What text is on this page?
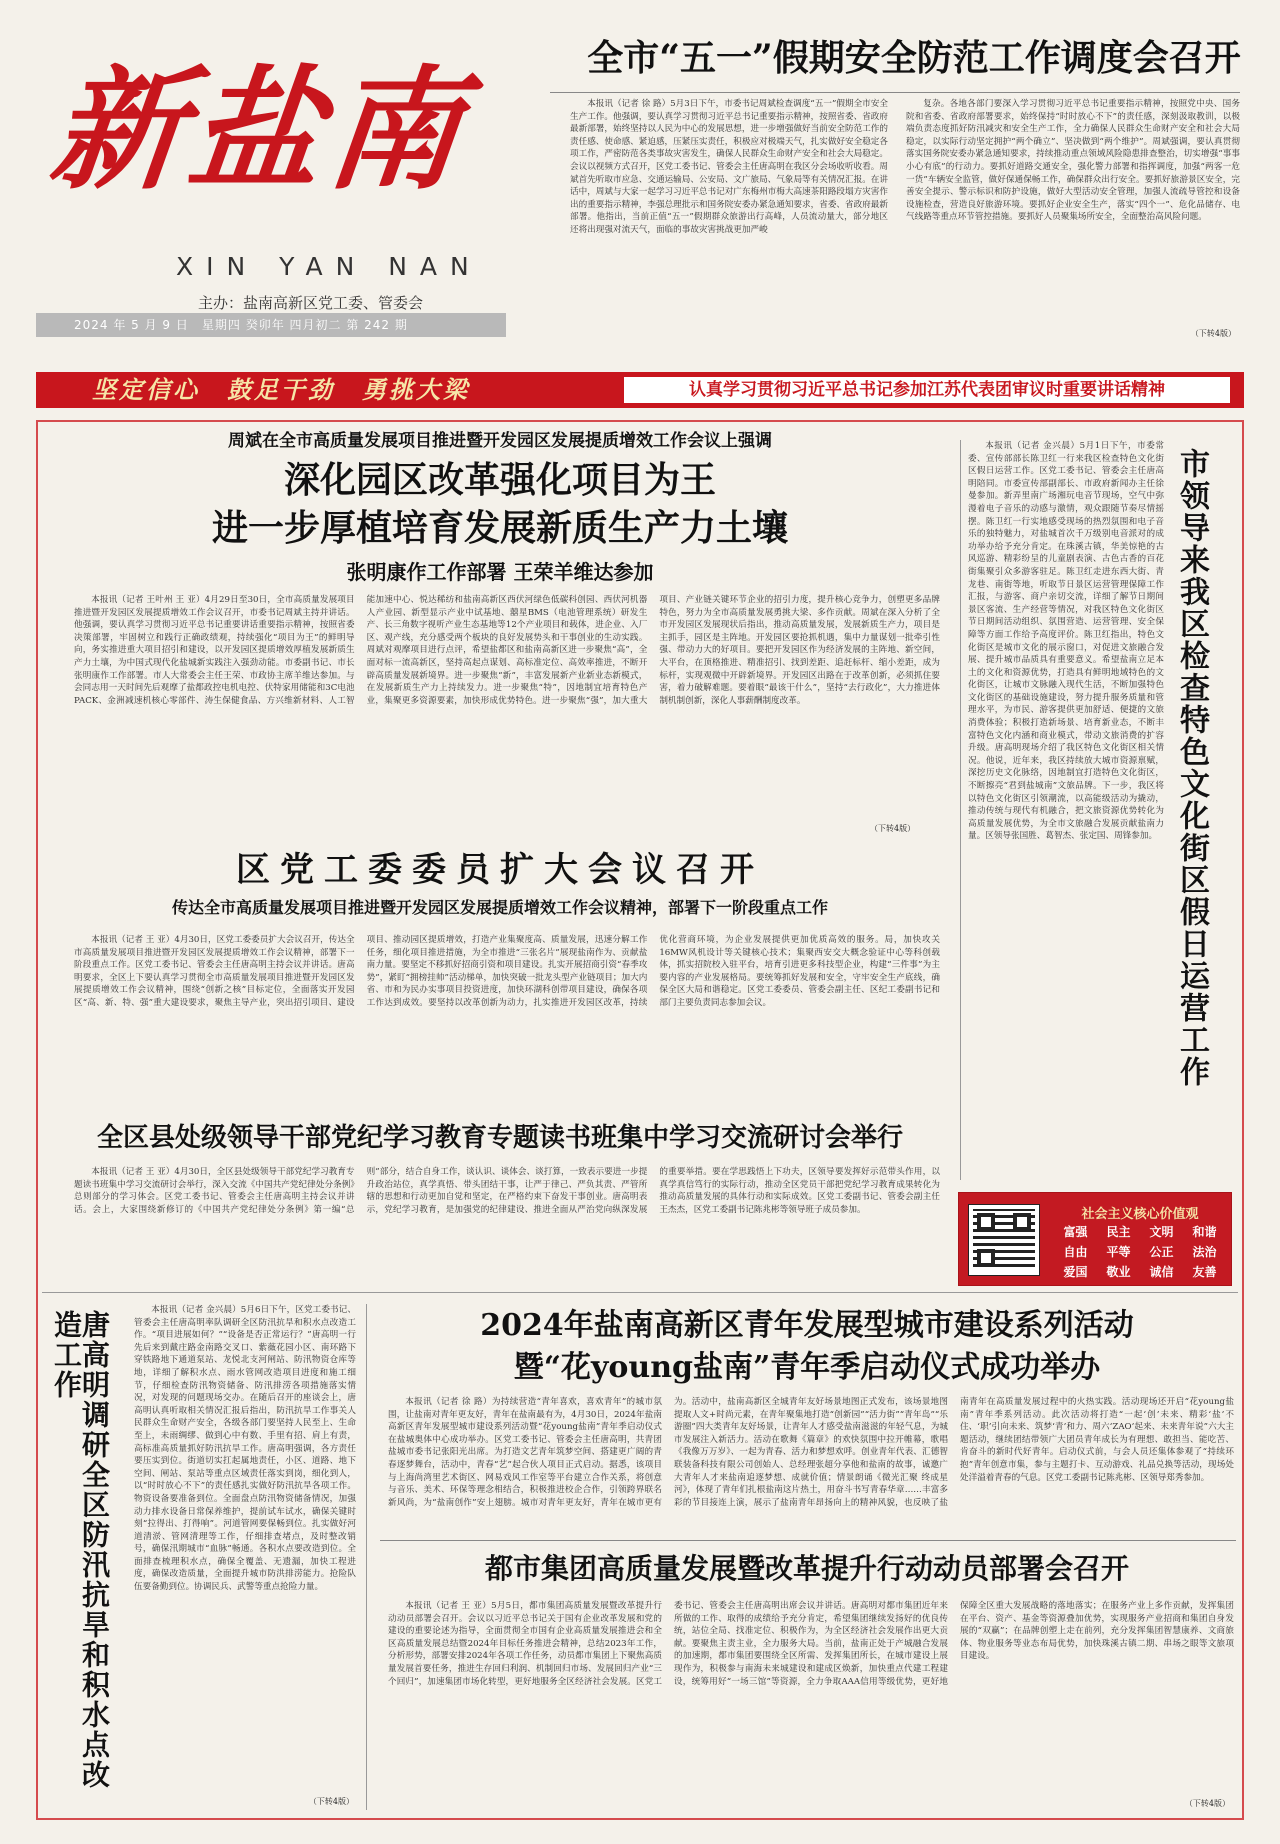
新盐南
XIN YAN NAN
主办：盐南高新区党工委、管委会
2024 年 5 月 9 日　星期四 癸卯年 四月初二 第 242 期
全市“五一”假期安全防范工作调度会召开

本报讯（记者 徐 路）5月3日下午，市委书记周斌检查调度“五一”假期全市安全生产工作。他强调，要认真学习贯彻习近平总书记重要指示精神，按照省委、省政府最新部署，始终坚持以人民为中心的发展思想，进一步增强做好当前安全防范工作的责任感、使命感、紧迫感，压紧压实责任，积极应对极端天气，扎实做好安全稳定各项工作，严密防范各类事故灾害发生，确保人民群众生命财产安全和社会大局稳定。会议以视频方式召开，区党工委书记、管委会主任唐高明在我区分会场收听收看。周斌首先听取市应急、交通运输局、公安局、文广旅局、气象局等有关情况汇报。在讲话中，周斌与大家一起学习习近平总书记对广东梅州市梅大高速茶阳路段塌方灾害作出的重要指示精神，李强总理批示和国务院安委办紧急通知要求，省委、省政府最新部署。他指出，当前正值“五一”假期群众旅游出行高峰，人员流动量大，部分地区还将出现强对流天气，面临的事故灾害挑战更加严峻

复杂。各地各部门要深入学习贯彻习近平总书记重要指示精神，按照党中央、国务院和省委、省政府部署要求，始终保持“时时放心不下”的责任感，深刻汲取教训，以极端负责态度抓好防汛减灾和安全生产工作，全力确保人民群众生命财产安全和社会大局稳定，以实际行动坚定拥护“两个确立”、坚决做到“两个维护”。周斌强调，要认真贯彻落实国务院安委办紧急通知要求，持续推动重点领域风险隐患排查整治，切实增强“事事小心有底”的行动力。要抓好道路交通安全，强化警力部署和指挥调度，加强“两客一危一货”车辆安全监管，做好保通保畅工作，确保群众出行安全。要抓好旅游景区安全，完善安全提示、警示标识和防护设施，做好大型活动安全管理，加强人流疏导管控和设备设施检查，营造良好旅游环境。要抓好企业安全生产，落实“四个一”、危化品储存、电气线路等重点环节管控措施。要抓好人员聚集场所安全，全面整治高风险问题。

（下转4版）
坚定信心　鼓足干劲　勇挑大梁	认真学习贯彻习近平总书记参加江苏代表团审议时重要讲话精神
周斌在全市高质量发展项目推进暨开发园区发展提质增效工作会议上强调
深化园区改革强化项目为王
进一步厚植培育发展新质生产力土壤
张明康作工作部署 王荣羊维达参加

本报讯（记者 王叶州 王 亚）4月29日至30日，全市高质量发展项目推进暨开发园区发展提质增效工作会议召开，市委书记周斌主持并讲话。他强调，要认真学习贯彻习近平总书记重要讲话重要指示精神，按照省委决策部署，牢固树立和践行正确政绩观，持续强化“项目为王”的鲜明导向，务实推进重大项目招引和建设，以开发园区提质增效厚植发展新质生产力土壤，为中国式现代化盐城新实践注入强劲动能。市委副书记、市长张明康作工作部署。市人大常委会主任王荣、市政协主席羊维达参加。与会同志用一天时间先后观摩了盐都政控电机电控、伏特家用储能和3C电池PACK、金洲减速机核心零部件、涛生保健食品、方兴维新材料、人工智能加速中心、悦达稀纺和盐南高新区西伏河绿色低碳科创园、西伏河机器人产业园、新型显示产业中试基地、囍星BMS（电池管理系统）研发生产、长三角数字视听产业生态基地等12个产业项目和载体，进企业、入厂区、观产线，充分感受两个板块的良好发展势头和干事创业的生动实践。周斌对观摩项目进行点评，希望盐都区和盐南高新区进一步聚焦“高”，全面对标一流高新区，坚持高起点谋划、高标准定位、高效率推进，不断开辟高质量发展新境界。进一步聚焦“新”，丰富发展新产业新业态新模式，在发展新质生产力上持续发力。进一步聚焦“特”，因地制宜培育特色产业，集聚更多资源要素，加快形成优势特色。进一步聚焦“强”，加大重大项目、产业链关键环节企业的招引力度，提升核心竞争力，创塑更多品牌特色，努力为全市高质量发展勇挑大梁、多作贡献。周斌在深入分析了全市开发园区发展现状后指出，推动高质量发展，发展新质生产力，项目是主抓手，园区是主阵地。开发园区要抢抓机遇，集中力量谋划一批牵引性强、带动力大的好项目。要把开发园区作为经济发展的主阵地、新空间，大平台，在顶格推进、精准招引、找到差距、追赶标杆、缩小差距，成为标杆，实现观微中开辟新境界。开发园区出路在于改革创新，必须抓住要害，着力破解难题。要着眼“最该干什么”，坚持“去行政化”，大力推进体制机制创新，深化人事薪酬制度改革。

（下转4版）
区党工委委员扩大会议召开
传达全市高质量发展项目推进暨开发园区发展提质增效工作会议精神，部署下一阶段重点工作

本报讯（记者 王 亚）4月30日，区党工委委员扩大会议召开，传达全市高质量发展项目推进暨开发园区发展提质增效工作会议精神，部署下一阶段重点工作。区党工委书记、管委会主任唐高明主持会议并讲话。唐高明要求，全区上下要认真学习贯彻全市高质量发展项目推进暨开发园区发展提质增效工作会议精神，围绕“创新之核”目标定位，全面落实开发园区“高、新、特、强”重大建设要求，聚焦主导产业，突出招引项目、建设项目、推动园区提质增效，打造产业集聚度高、质量发展，迅速分解工作任务，细化项目推进措施，为全市推进“三张名片”展现盐南作为、贡献盐南力量。要坚定不移抓好招商引资和项目建设。扎实开展招商引资“春季攻势”，紧盯“拥榜挂帅”活动梯单，加快突破一批龙头型产业链项目；加大内省、市和为民办实事项目投资进度，加快环湖科创带项目建设，确保各项工作达到成效。要坚持以改革创新为动力，扎实推进开发园区改革，持续优化营商环境，为企业发展提供更加优质高效的服务。局，加快攻关16MW风机设计等关键核心技术；集聚西安交大概念验证中心等科创载体，抓实招院校入驻平台，培育引进更多科技型企业，构建“三件事”为主要内容的产业发展格局。要统筹抓好发展和安全，守牢安全生产底线，确保全区大局和谐稳定。区党工委委员、管委会副主任、区纪工委副书记和部门主要负责同志参加会议。

全区县处级领导干部党纪学习教育专题读书班集中学习交流研讨会举行

本报讯（记者 王 亚）4月30日，全区县处级领导干部党纪学习教育专题读书班集中学习交流研讨会举行，深入交流《中国共产党纪律处分条例》总则部分的学习体会。区党工委书记、管委会主任唐高明主持会议并讲话。会上，大家围绕新修订的《中国共产党纪律处分条例》第一编“总则”部分，结合自身工作，谈认识、谈体会、谈打算，一致表示要进一步提升政治站位，真学真悟、带头团结干事，让严于律己、严负其责、严管所辖的思想和行动更加自觉和坚定，在严格约束下奋发干事创业。唐高明表示，党纪学习教育，是加强党的纪律建设、推进全面从严治党向纵深发展的重要举措。要在学思践悟上下功夫，区领导要发挥好示范带头作用，以真学真信笃行的实际行动，推动全区党员干部把党纪学习教育成果转化为推动高质量发展的具体行动和实际成效。区党工委副书记、管委会副主任王杰杰，区党工委副书记陈兆彬等领导班子成员参加。

本报讯（记者 金兴晨）5月1日下午，市委常委、宣传部部长陈卫红一行来我区检查特色文化街区假日运营工作。区党工委书记、管委会主任唐高明陪同。市委宣传部副部长、市政府新闻办主任徐曼参加。新弄里南广场湘玩电音节现场，空气中弥漫着电子音乐的动感与激情，观众跟随节奏尽情摇摆。陈卫红一行实地感受现场的热烈氛围和电子音乐的独特魅力，对盐城首次千万级别电音派对的成功举办给予充分肯定。在珠溪古镇，华美惊艳的古风巡游、精彩纷呈的儿童剧表演、古色古香的百花街集聚引众多游客驻足。陈卫红走进东西大街、青龙巷、南街等地，听取节日景区运营管理保障工作汇报，与游客、商户亲切交流，详细了解节日期间景区客流、生产经营等情况，对我区特色文化街区节日期间活动组织、氛围营造、运营管理、安全保障等方面工作给予高度评价。陈卫红指出，特色文化街区是城市文化的展示窗口，对促进文旅融合发展、提升城市品质具有重要意义。希望盐南立足本土的文化和资源优势，打造具有鲜明地域特色的文化街区，让城市文脉融入现代生活，不断加强特色文化街区的基础设施建设，努力提升服务质量和管理水平，为市民、游客提供更加舒适、便捷的文旅消费体验；积极打造新场景、培育新业态，不断丰富特色文化内涵和商业模式，带动文旅消费的扩容升级。唐高明现场介绍了我区特色文化街区相关情况。他说，近年来，我区持续放大城市资源禀赋，深挖历史文化脉络，因地制宜打造特色文化街区，不断擦亮“君到盐城南”文旅品牌。下一步，我区将以特色文化街区引领潮流，以高能级活动为撬动，推动传统与现代有机融合，把文旅资源优势转化为高质量发展优势，为全市文旅融合发展贡献盐南力量。区领导张国胜、葛智杰、张定国、周锋参加。 市领导来我区检查特色文化街区假日运营工作
社会主义核心价值观
富强	民主	文明	和谐
自由	平等	公正	法治
爱国	敬业	诚信	友善
唐高明调研全区防汛抗旱和积水点改造工作	本报讯（记者 金兴晨）5月6日下午，区党工委书记、管委会主任唐高明率队调研全区防汛抗旱和积水点改造工作。“项目进展如何？”“设备是否正常运行？”唐高明一行先后来到戴庄路金南路交叉口、紫薇花园小区、南环路下穿铁路地下通道泵站、龙悦北支河闸站、防汛物资仓库等地，详细了解积水点、雨水管网改造项目进度和施工细节，仔细检查防汛物资储备、防汛排涝各项措施落实情况，对发现的问题现场交办。在随后召开的座谈会上，唐高明认真听取相关情况汇报后指出，防汛抗旱工作事关人民群众生命财产安全，各级各部门要坚持人民至上、生命至上，未雨绸缪、做到心中有数、手里有招、肩上有责，高标准高质量抓好防汛抗旱工作。唐高明强调，各方责任要压实到位。街道切实扛起属地责任，小区、道路、地下空间、闸站、泵站等重点区域责任落实到岗，细化到人，以“时时放心不下”的责任感扎实做好防汛抗旱各项工作。物资设备要准备到位。全面盘点防汛物资储备情况，加强动力排水设备日常保养维护，提前试车试水，确保关键时刻“拉得出、打得响”。河道管网要保畅到位。扎实做好河道清淤、管网清理等工作，仔细排查堵点，及时整改销号，确保汛期城市“血脉”畅通。各积水点要改造到位。全面排查梳理积水点，确保全覆盖、无遗漏，加快工程进度，确保改造质量，全面提升城市防洪排涝能力。抢险队伍要备勤到位。协调民兵、武警等重点抢险力量。

（下转4版）
2024年盐南高新区青年发展型城市建设系列活动
暨“花young盐南”青年季启动仪式成功举办

本报讯（记者 徐 路）为持续营造“青年喜欢，喜欢青年”的城市氛围，让盐南对青年更友好，青年在盐南最有为，4月30日，2024年盐南高新区青年发展型城市建设系列活动暨“花young盐南”青年季启动仪式在盐城奥体中心成功举办。区党工委书记、管委会主任唐高明，共青团盐城市委书记张阳光出席。为打造文艺青年筑梦空间、搭建更广阔的青春逐梦舞台，活动中，青春“艺”起合伙人项目正式启动。据悉，该项目与上海尚湾里艺术街区、网易戏风工作室等平台建立合作关系，将创意与音乐、美术、环保等理念相结合，积极推进校企合作，引领跨界联名新风尚，为“盐南创作”安上翅膀。城市对青年更友好，青年在城市更有为。活动中，盐南高新区全城青年友好场景地图正式发布，该场景地图提取人文+时尚元素，在青年聚集地打造“创新园”“活力街”“青年岛”“乐游圈”四大类青年友好场景，让青年人才感受盐南滋滋的年轻气息，为城市发展注入新活力。活动在歌舞《篇章》的欢快氛围中拉开帷幕，歌唱《我像万万岁》、一起为青春、活力和梦想欢呼。创业青年代表、汇德智联装备科技有限公司创始人、总经理张超分享他和盐南的故事，诚邀广大青年人才来盐南追逐梦想、成就价值；情景朗诵《微光汇聚 终成星河》，体现了青年们扎根盐南这片热土，用奋斗书写青春华章……丰富多彩的节目接连上演，展示了盐南青年昂扬向上的精神风貌，也反映了盐南青年在高质量发展过程中的火热实践。活动现场还开启“花young盐南”青年季系列活动。此次活动将打造“一起‘创’未来、精彩‘盐’不住、‘职’引向未来、筑梦‘青’和力、周六‘ZAO’起来、未来青年说”六大主题活动，继续团结带领广大团员青年成长为有理想、敢担当、能吃苦、肯奋斗的新时代好青年。启动仪式前，与会人员还集体参观了“持续环抱”青年创意市集，参与主题打卡、互动游戏、礼品兑换等活动，现场处处洋溢着青春的气息。区党工委副书记陈兆彬、区领导郑秀参加。

都市集团高质量发展暨改革提升行动动员部署会召开

本报讯（记者 王 亚）5月5日，都市集团高质量发展暨改革提升行动动员部署会召开。会议以习近平总书记关于国有企业改革发展和党的建设的重要论述为指导，全面贯彻全市国有企业高质量发展推进会和全区高质量发展总结暨2024年目标任务推进会精神，总结2023年工作，分析形势，部署安排2024年各项工作任务，动员都市集团上下聚焦高质量发展首要任务，推进生存回归利润、机制回归市场、发展回归产业“三个回归”，加速集团市场化转型，更好地服务全区经济社会发展。区党工委书记、管委会主任唐高明出席会议并讲话。唐高明对都市集团近年来所做的工作、取得的成绩给予充分肯定，希望集团继续发扬好的优良传统，站位全局、找准定位、积极作为，为全区经济社会发展作出更大贡献。要聚焦主责主业，全力服务大局。当前，盐南正处于产城融合发展的加速期，都市集团要围绕全区所需、发挥集团所长，在城市建设上展现作为，积极参与南海未来城建设和建成区焕新，加快重点代建工程建设，统筹用好“一场三馆”等资源，全力争取AAA信用等级优势，更好地保障全区重大发展战略的落地落实；在服务产业上多作贡献，发挥集团在平台、资产、基金等资源叠加优势，实现服务产业招商和集团自身发展的“双赢”；在品牌创塑上走在前列，充分发挥集团智慧康养、文商旅体、物业服务等业态布局优势，加快珠溪古镇二期、串场之眼等文旅项目建设。

（下转4版）
